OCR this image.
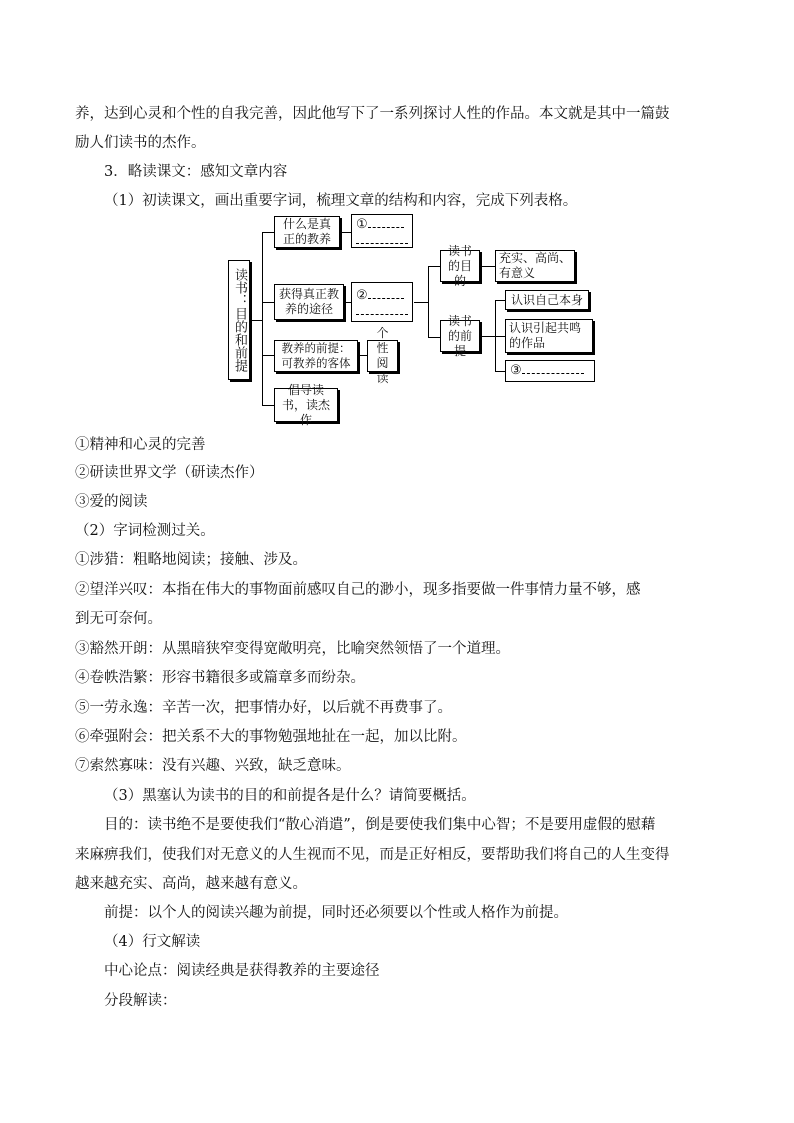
养，达到心灵和个性的自我完善，因此他写下了一系列探讨人性的作品。本文就是其中一篇鼓
励人们读书的杰作。
3．略读课文：感知文章内容
（1）初读课文，画出重要字词，梳理文章的结构和内容，完成下列表格。
读书：目的和前提
什么是真正的教养
获得真正教养的途径
教养的前提：可教养的客体
倡导读书，读杰作
①

②

个性阅读
读书的目的
读书的前提
充实、高尚、有意义
认识自己本身
认识引起共鸣的作品
③
①精神和心灵的完善
②研读世界文学（研读杰作）
③爱的阅读
（2）字词检测过关。
①涉猎：粗略地阅读；接触、涉及。
②望洋兴叹：本指在伟大的事物面前感叹自己的渺小，现多指要做一件事情力量不够，感
到无可奈何。
③豁然开朗：从黑暗狭窄变得宽敞明亮，比喻突然领悟了一个道理。
④卷帙浩繁：形容书籍很多或篇章多而纷杂。
⑤一劳永逸：辛苦一次，把事情办好，以后就不再费事了。
⑥牵强附会：把关系不大的事物勉强地扯在一起，加以比附。
⑦索然寡味：没有兴趣、兴致，缺乏意味。
（3）黑塞认为读书的目的和前提各是什么？请简要概括。
目的：读书绝不是要使我们“散心消遣”，倒是要使我们集中心智；不是要用虚假的慰藉
来麻痹我们，使我们对无意义的人生视而不见，而是正好相反，要帮助我们将自己的人生变得
越来越充实、高尚，越来越有意义。
前提：以个人的阅读兴趣为前提，同时还必须要以个性或人格作为前提。
（4）行文解读
中心论点：阅读经典是获得教养的主要途径
分段解读：
